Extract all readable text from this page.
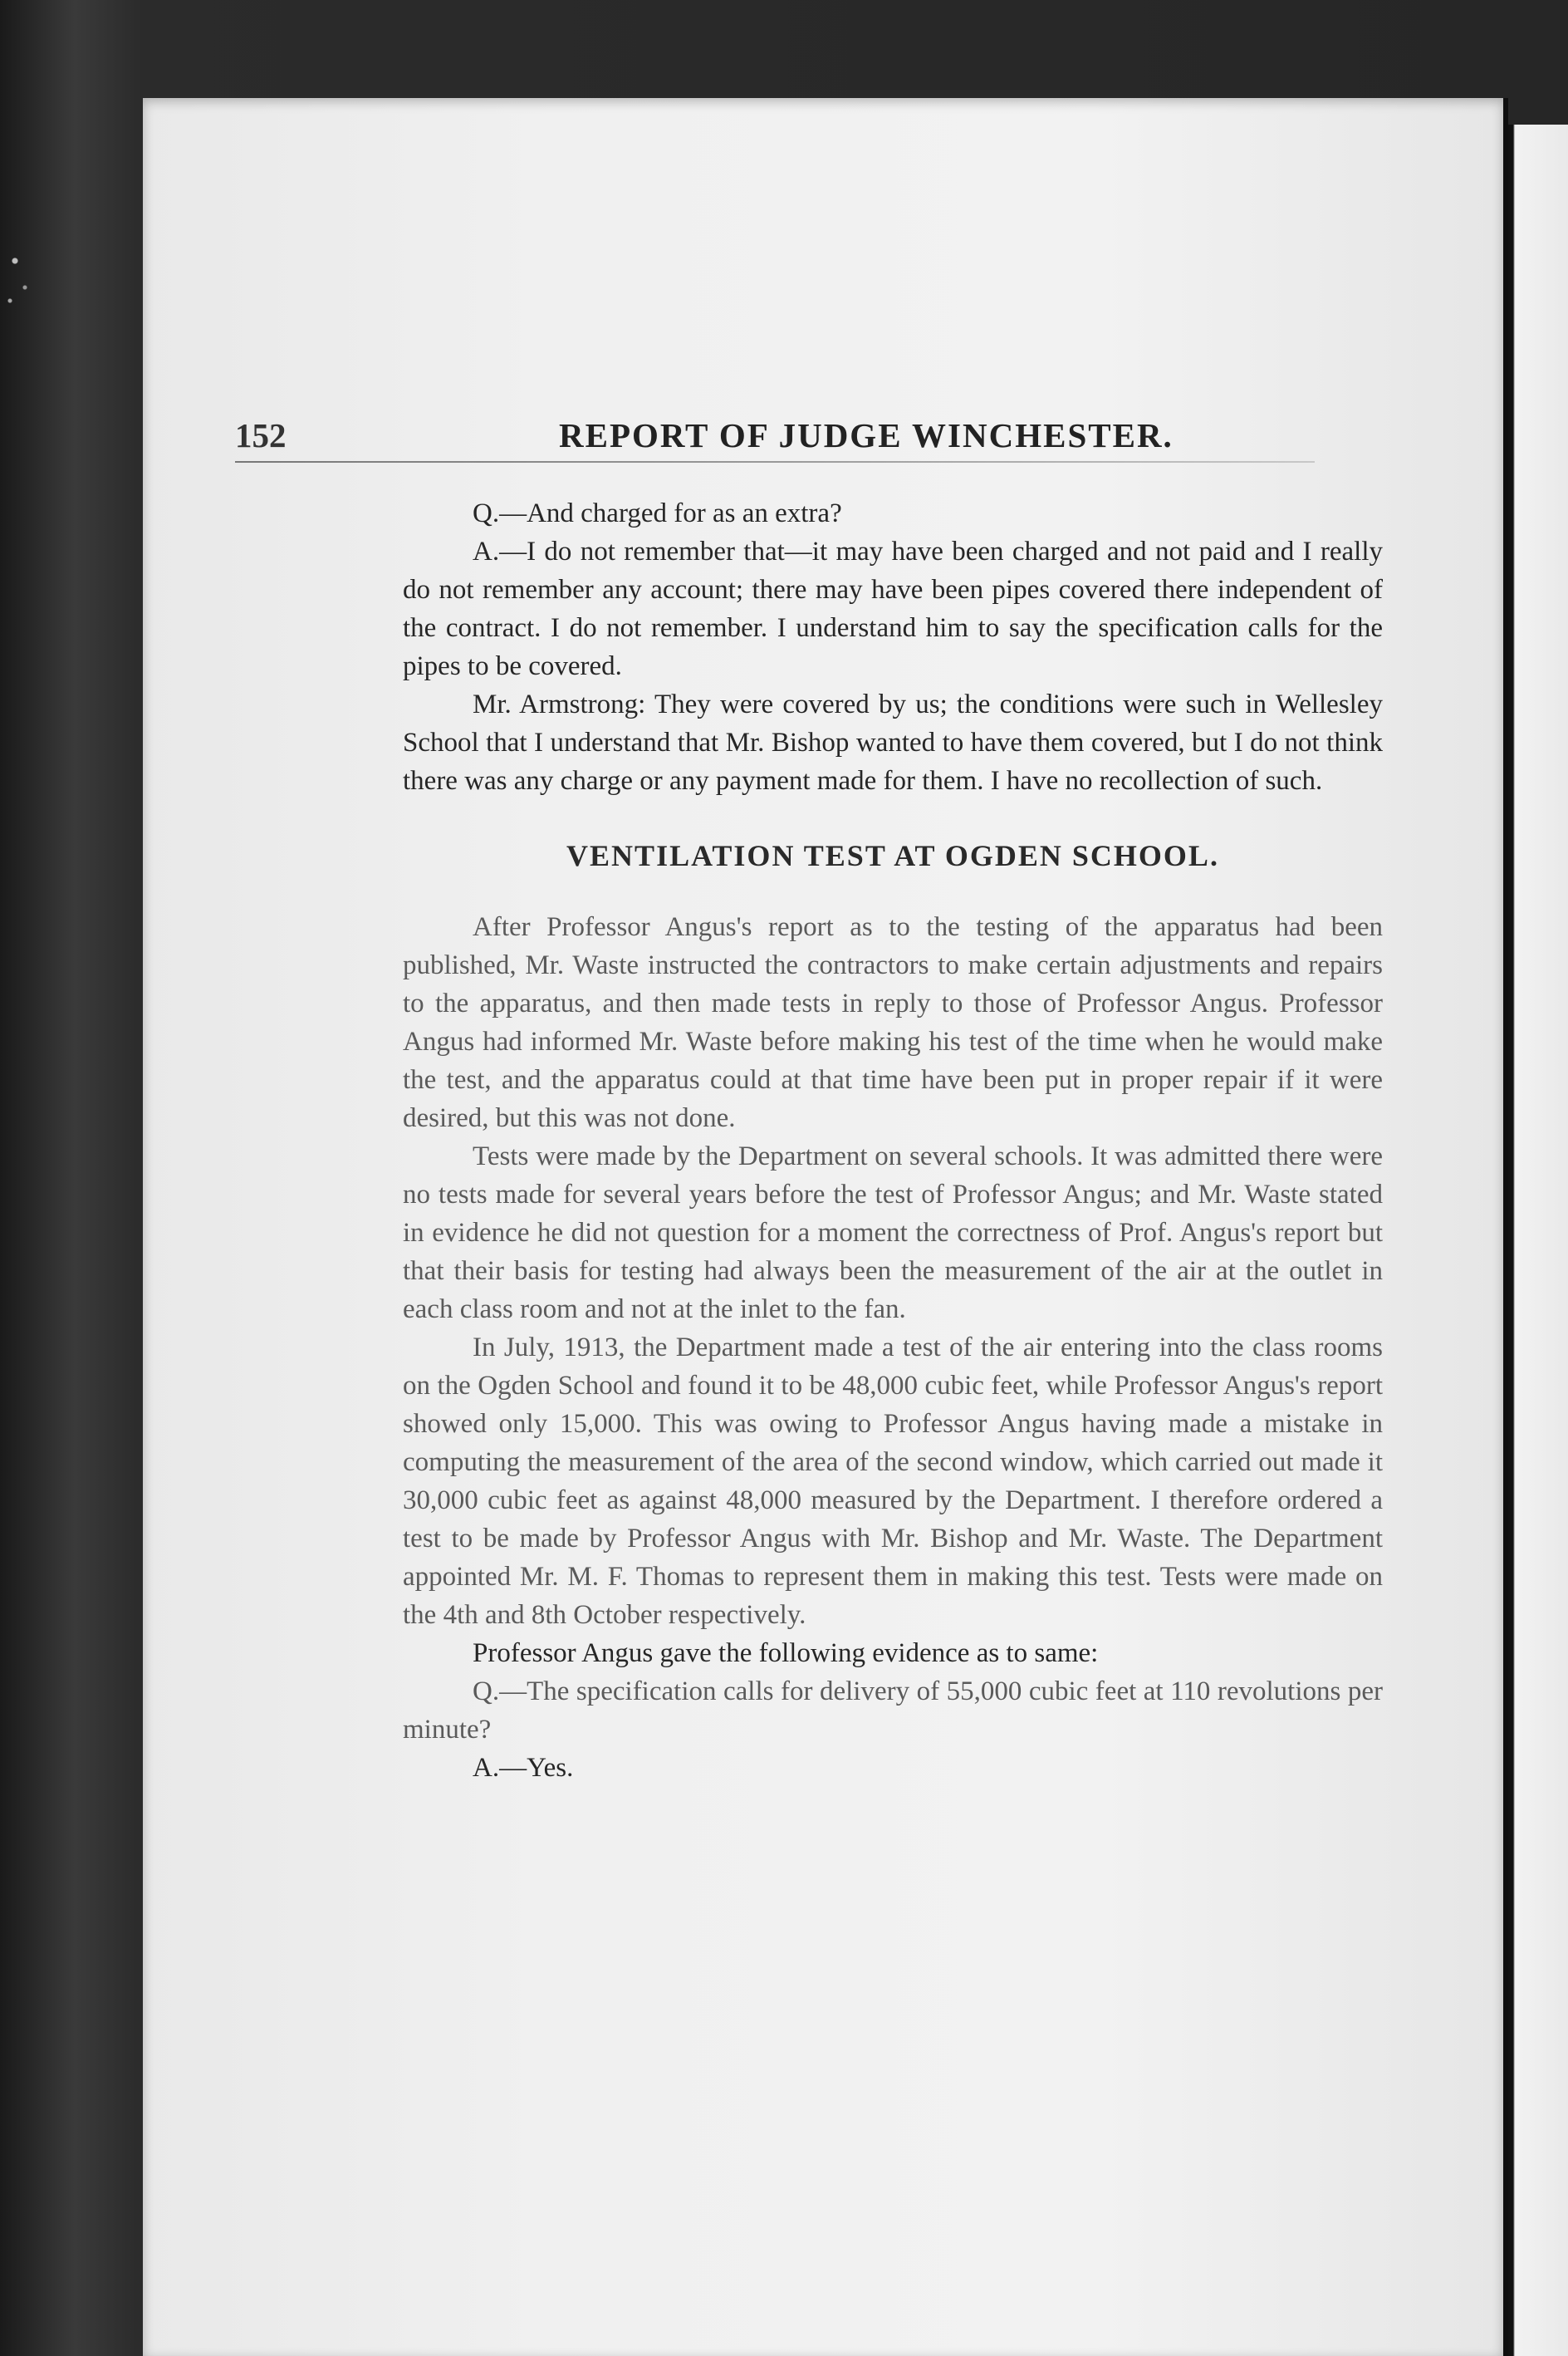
152	REPORT OF JUDGE WINCHESTER.

Q.—And charged for as an extra?

A.—I do not remember that—it may have been charged and not paid and I really do not remember any account; there may have been pipes covered there independent of the contract. I do not remember. I understand him to say the specification calls for the pipes to be covered.

Mr. Armstrong: They were covered by us; the conditions were such in Wellesley School that I understand that Mr. Bishop wanted to have them covered, but I do not think there was any charge or any payment made for them. I have no recollection of such.

VENTILATION TEST AT OGDEN SCHOOL.

After Professor Angus's report as to the testing of the apparatus had been published, Mr. Waste instructed the contractors to make certain adjustments and repairs to the apparatus, and then made tests in reply to those of Professor Angus. Professor Angus had informed Mr. Waste before making his test of the time when he would make the test, and the apparatus could at that time have been put in proper repair if it were desired, but this was not done.

Tests were made by the Department on several schools. It was admitted there were no tests made for several years before the test of Professor Angus; and Mr. Waste stated in evidence he did not question for a moment the correctness of Prof. Angus's report but that their basis for testing had always been the measurement of the air at the outlet in each class room and not at the inlet to the fan.

In July, 1913, the Department made a test of the air entering into the class rooms on the Ogden School and found it to be 48,000 cubic feet, while Professor Angus's report showed only 15,000. This was owing to Professor Angus having made a mistake in computing the measurement of the area of the second window, which carried out made it 30,000 cubic feet as against 48,000 measured by the Department. I therefore ordered a test to be made by Professor Angus with Mr. Bishop and Mr. Waste. The Department appointed Mr. M. F. Thomas to represent them in making this test. Tests were made on the 4th and 8th October respectively.

Professor Angus gave the following evidence as to same:

Q.—The specification calls for delivery of 55,000 cubic feet at 110 revolutions per minute?

A.—Yes.
